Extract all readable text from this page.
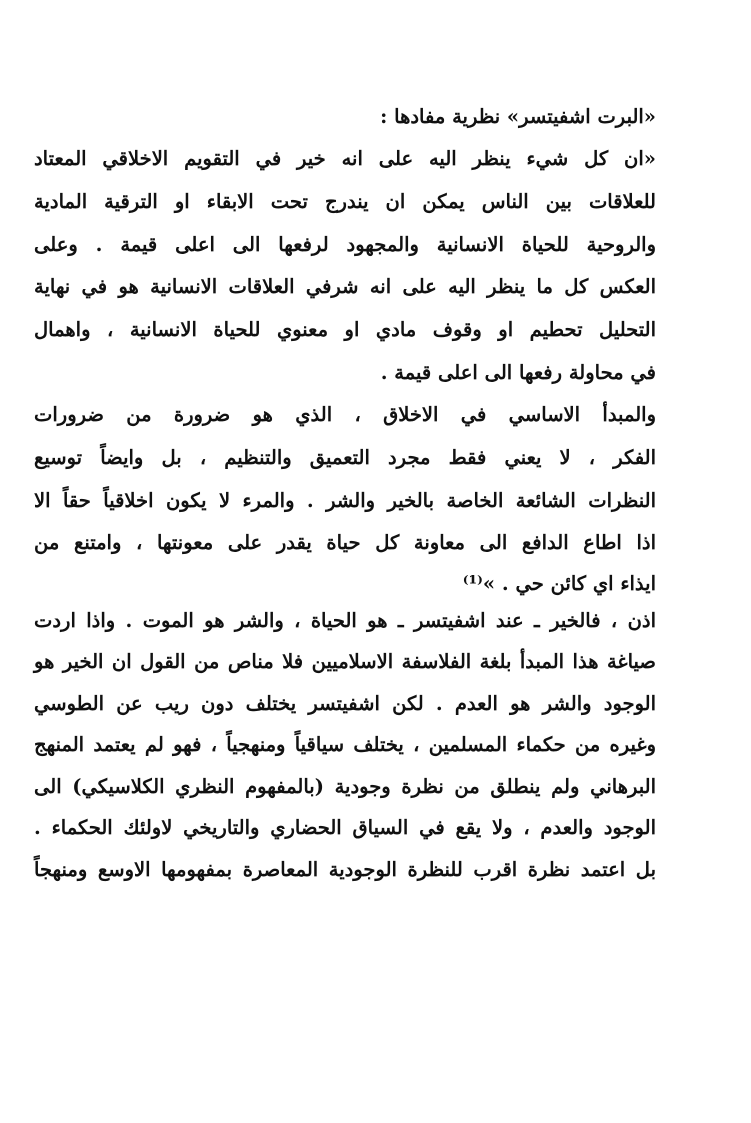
«البرت اشفيتسر» نظرية مفادها :
«ان كل شيء ينظر اليه على انه خير في التقويم الاخلاقي المعتاد
للعلاقات بين الناس يمكن ان يندرج تحت الابقاء او الترقية المادية
والروحية للحياة الانسانية والمجهود لرفعها الى اعلى قيمة . وعلى
العكس كل ما ينظر اليه على انه شرفي العلاقات الانسانية هو في نهاية
التحليل تحطيم او وقوف مادي او معنوي للحياة الانسانية ، واهمال
في محاولة رفعها الى اعلى قيمة .
والمبدأ الاساسي في الاخلاق ، الذي هو ضرورة من ضرورات
الفكر ، لا يعني فقط مجرد التعميق والتنظيم ، بل وايضاً توسيع
النظرات الشائعة الخاصة بالخير والشر . والمرء لا يكون اخلاقياً حقاً الا
اذا اطاع الدافع الى معاونة كل حياة يقدر على معونتها ، وامتنع من
ايذاء اي كائن حي . »⁽¹⁾
اذن ، فالخير ـ عند اشفيتسر ـ هو الحياة ، والشر هو الموت . واذا اردت
صياغة هذا المبدأ بلغة الفلاسفة الاسلاميين فلا مناص من القول ان الخير هو
الوجود والشر هو العدم . لكن اشفيتسر يختلف دون ريب عن الطوسي
وغيره من حكماء المسلمين ، يختلف سياقياً ومنهجياً ، فهو لم يعتمد المنهج
البرهاني ولم ينطلق من نظرة وجودية (بالمفهوم النظري الكلاسيكي) الى
الوجود والعدم ، ولا يقع في السياق الحضاري والتاريخي لاولئك الحكماء .
بل اعتمد نظرة اقرب للنظرة الوجودية المعاصرة بمفهومها الاوسع ومنهجاً
